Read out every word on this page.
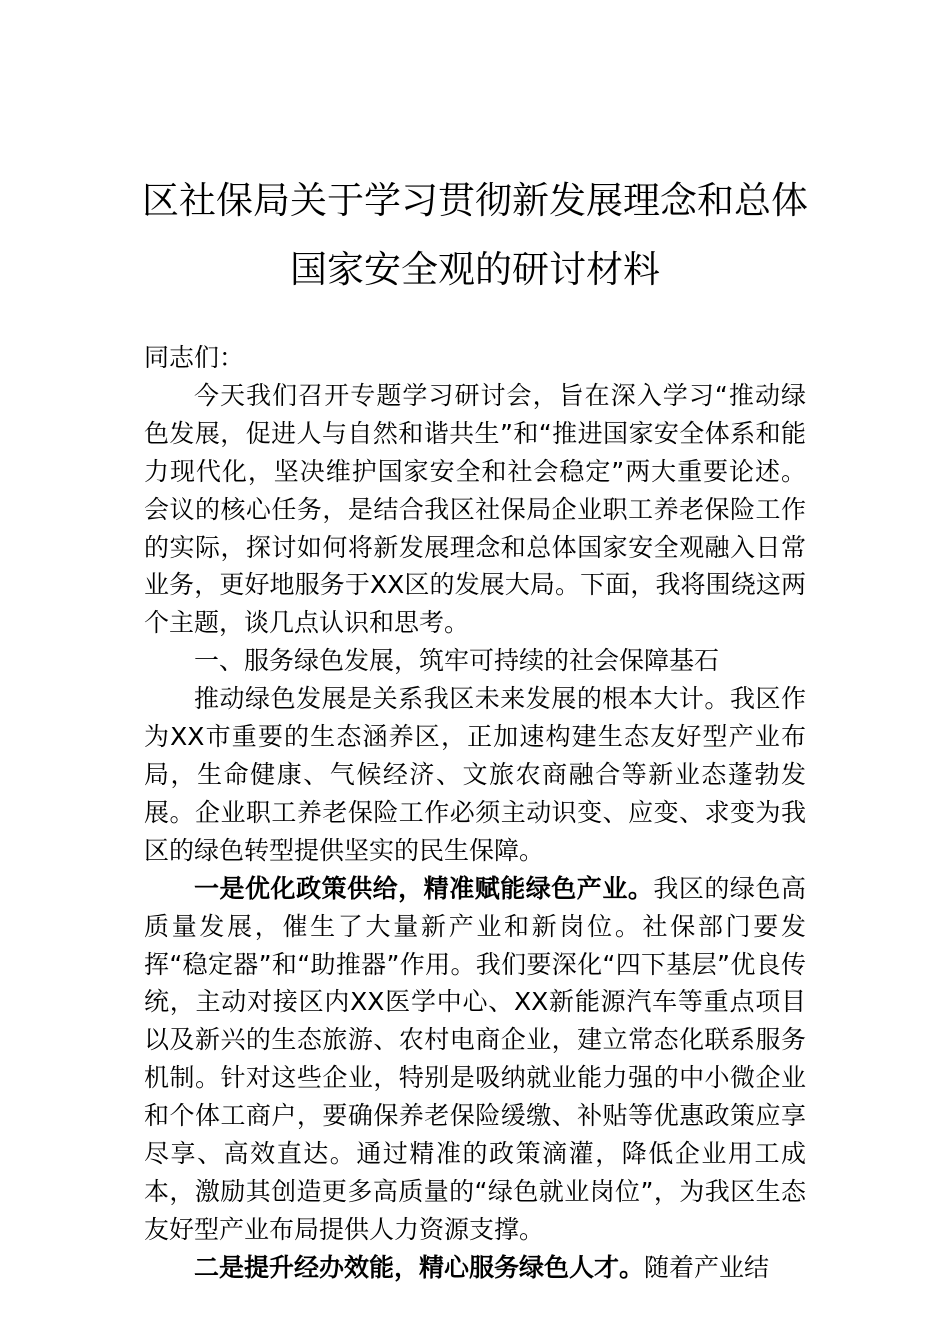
区社保局关于学习贯彻新发展理念和总体
国家安全观的研讨材料

同志们：

今天我们召开专题学习研讨会，旨在深入学习“推动绿色发展，促进人与自然和谐共生”和“推进国家安全体系和能力现代化，坚决维护国家安全和社会稳定”两大重要论述。会议的核心任务，是结合我区社保局企业职工养老保险工作的实际，探讨如何将新发展理念和总体国家安全观融入日常业务，更好地服务于XX区的发展大局。下面，我将围绕这两个主题，谈几点认识和思考。

一、服务绿色发展，筑牢可持续的社会保障基石

推动绿色发展是关系我区未来发展的根本大计。我区作为XX市重要的生态涵养区，正加速构建生态友好型产业布局，生命健康、气候经济、文旅农商融合等新业态蓬勃发展。企业职工养老保险工作必须主动识变、应变、求变为我区的绿色转型提供坚实的民生保障。

一是优化政策供给，精准赋能绿色产业。我区的绿色高质量发展，催生了大量新产业和新岗位。社保部门要发挥“稳定器”和“助推器”作用。我们要深化“四下基层”优良传统，主动对接区内XX医学中心、XX新能源汽车等重点项目以及新兴的生态旅游、农村电商企业，建立常态化联系服务机制。针对这些企业，特别是吸纳就业能力强的中小微企业和个体工商户，要确保养老保险缓缴、补贴等优惠政策应享尽享、高效直达。通过精准的政策滴灌，降低企业用工成本，激励其创造更多高质量的“绿色就业岗位”，为我区生态友好型产业布局提供人力资源支撑。

二是提升经办效能，精心服务绿色人才。随着产业结
